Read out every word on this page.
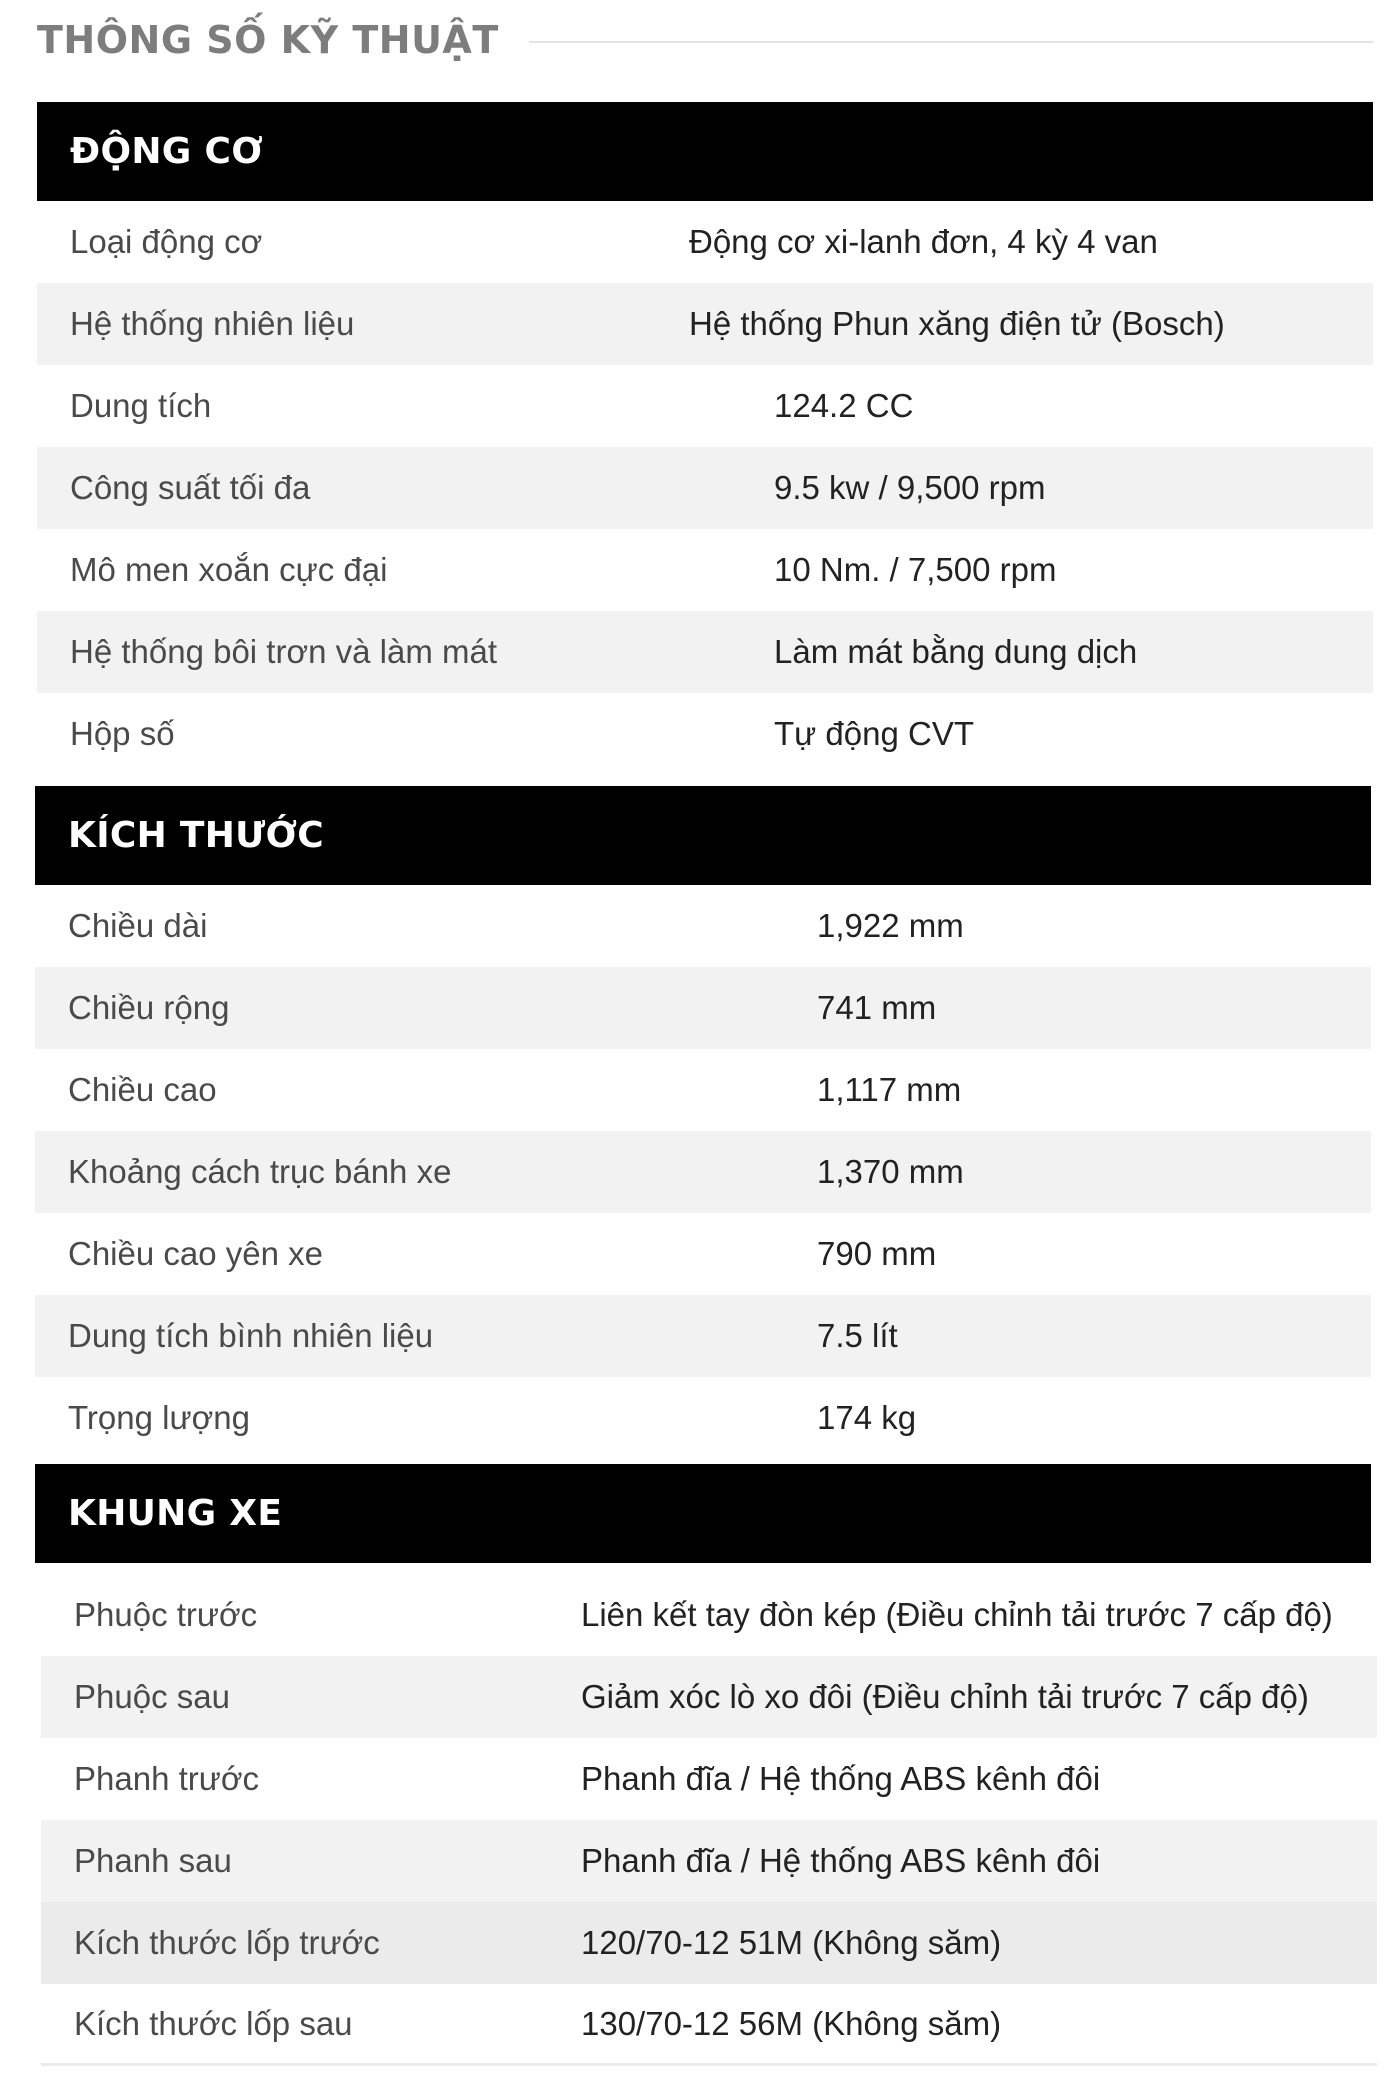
THÔNG SỐ KỸ THUẬT
ĐỘNG CƠ
Loại động cơ	Động cơ xi-lanh đơn, 4 kỳ 4 van
Hệ thống nhiên liệu	Hệ thống Phun xăng điện tử (Bosch)
Dung tích	124.2 CC
Công suất tối đa	9.5 kw / 9,500 rpm
Mô men xoắn cực đại	10 Nm. / 7,500 rpm
Hệ thống bôi trơn và làm mát	Làm mát bằng dung dịch
Hộp số	Tự động CVT
KÍCH THƯỚC
Chiều dài	1,922 mm
Chiều rộng	741 mm
Chiều cao	1,117 mm
Khoảng cách trục bánh xe	1,370 mm
Chiều cao yên xe	790 mm
Dung tích bình nhiên liệu	7.5 lít
Trọng lượng	174 kg
KHUNG XE
Phuộc trước	Liên kết tay đòn kép (Điều chỉnh tải trước 7 cấp độ)
Phuộc sau	Giảm xóc lò xo đôi (Điều chỉnh tải trước 7 cấp độ)
Phanh trước	Phanh đĩa / Hệ thống ABS kênh đôi
Phanh sau	Phanh đĩa / Hệ thống ABS kênh đôi
Kích thước lốp trước	120/70-12 51M (Không săm)
Kích thước lốp sau	130/70-12 56M (Không săm)
